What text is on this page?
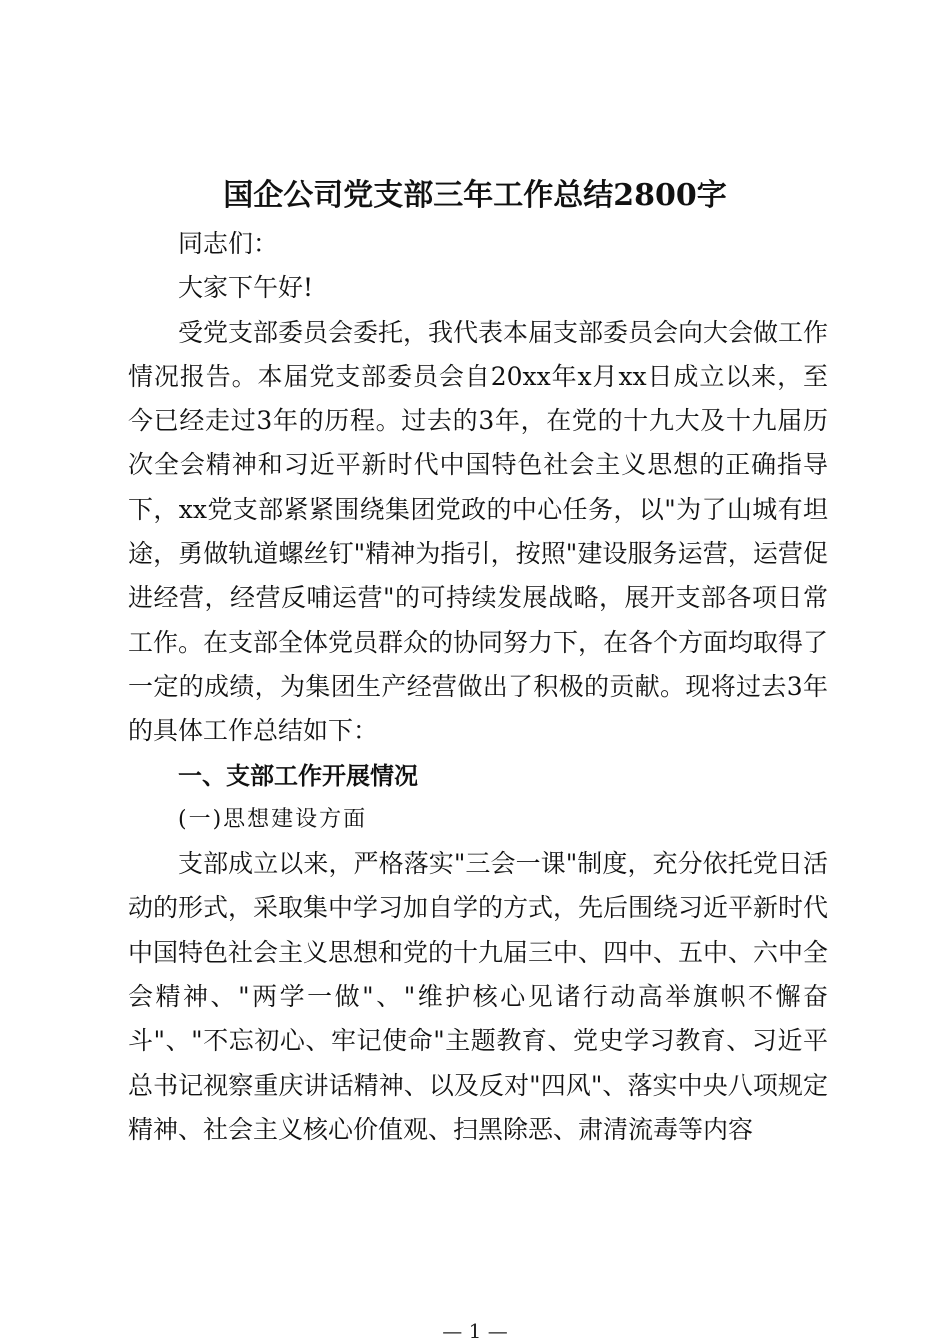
国企公司党支部三年工作总结2800字

同志们：

大家下午好!

受党支部委员会委托，我代表本届支部委员会向大会做工作情况报告。本届党支部委员会自20xx年x月xx日成立以来，至今已经走过3年的历程。过去的3年，在党的十九大及十九届历次全会精神和习近平新时代中国特色社会主义思想的正确指导下，xx党支部紧紧围绕集团党政的中心任务，以"为了山城有坦途，勇做轨道螺丝钉"精神为指引，按照"建设服务运营，运营促进经营，经营反哺运营"的可持续发展战略，展开支部各项日常工作。在支部全体党员群众的协同努力下，在各个方面均取得了一定的成绩，为集团生产经营做出了积极的贡献。现将过去3年的具体工作总结如下：

一、支部工作开展情况

(一)思想建设方面

支部成立以来，严格落实"三会一课"制度，充分依托党日活动的形式，采取集中学习加自学的方式，先后围绕习近平新时代中国特色社会主义思想和党的十九届三中、四中、五中、六中全会精神、"两学一做"、"维护核心见诸行动高举旗帜不懈奋斗"、"不忘初心、牢记使命"主题教育、党史学习教育、习近平总书记视察重庆讲话精神、以及反对"四风"、落实中央八项规定精神、社会主义核心价值观、扫黑除恶、肃清流毒等内容

— 1 —
